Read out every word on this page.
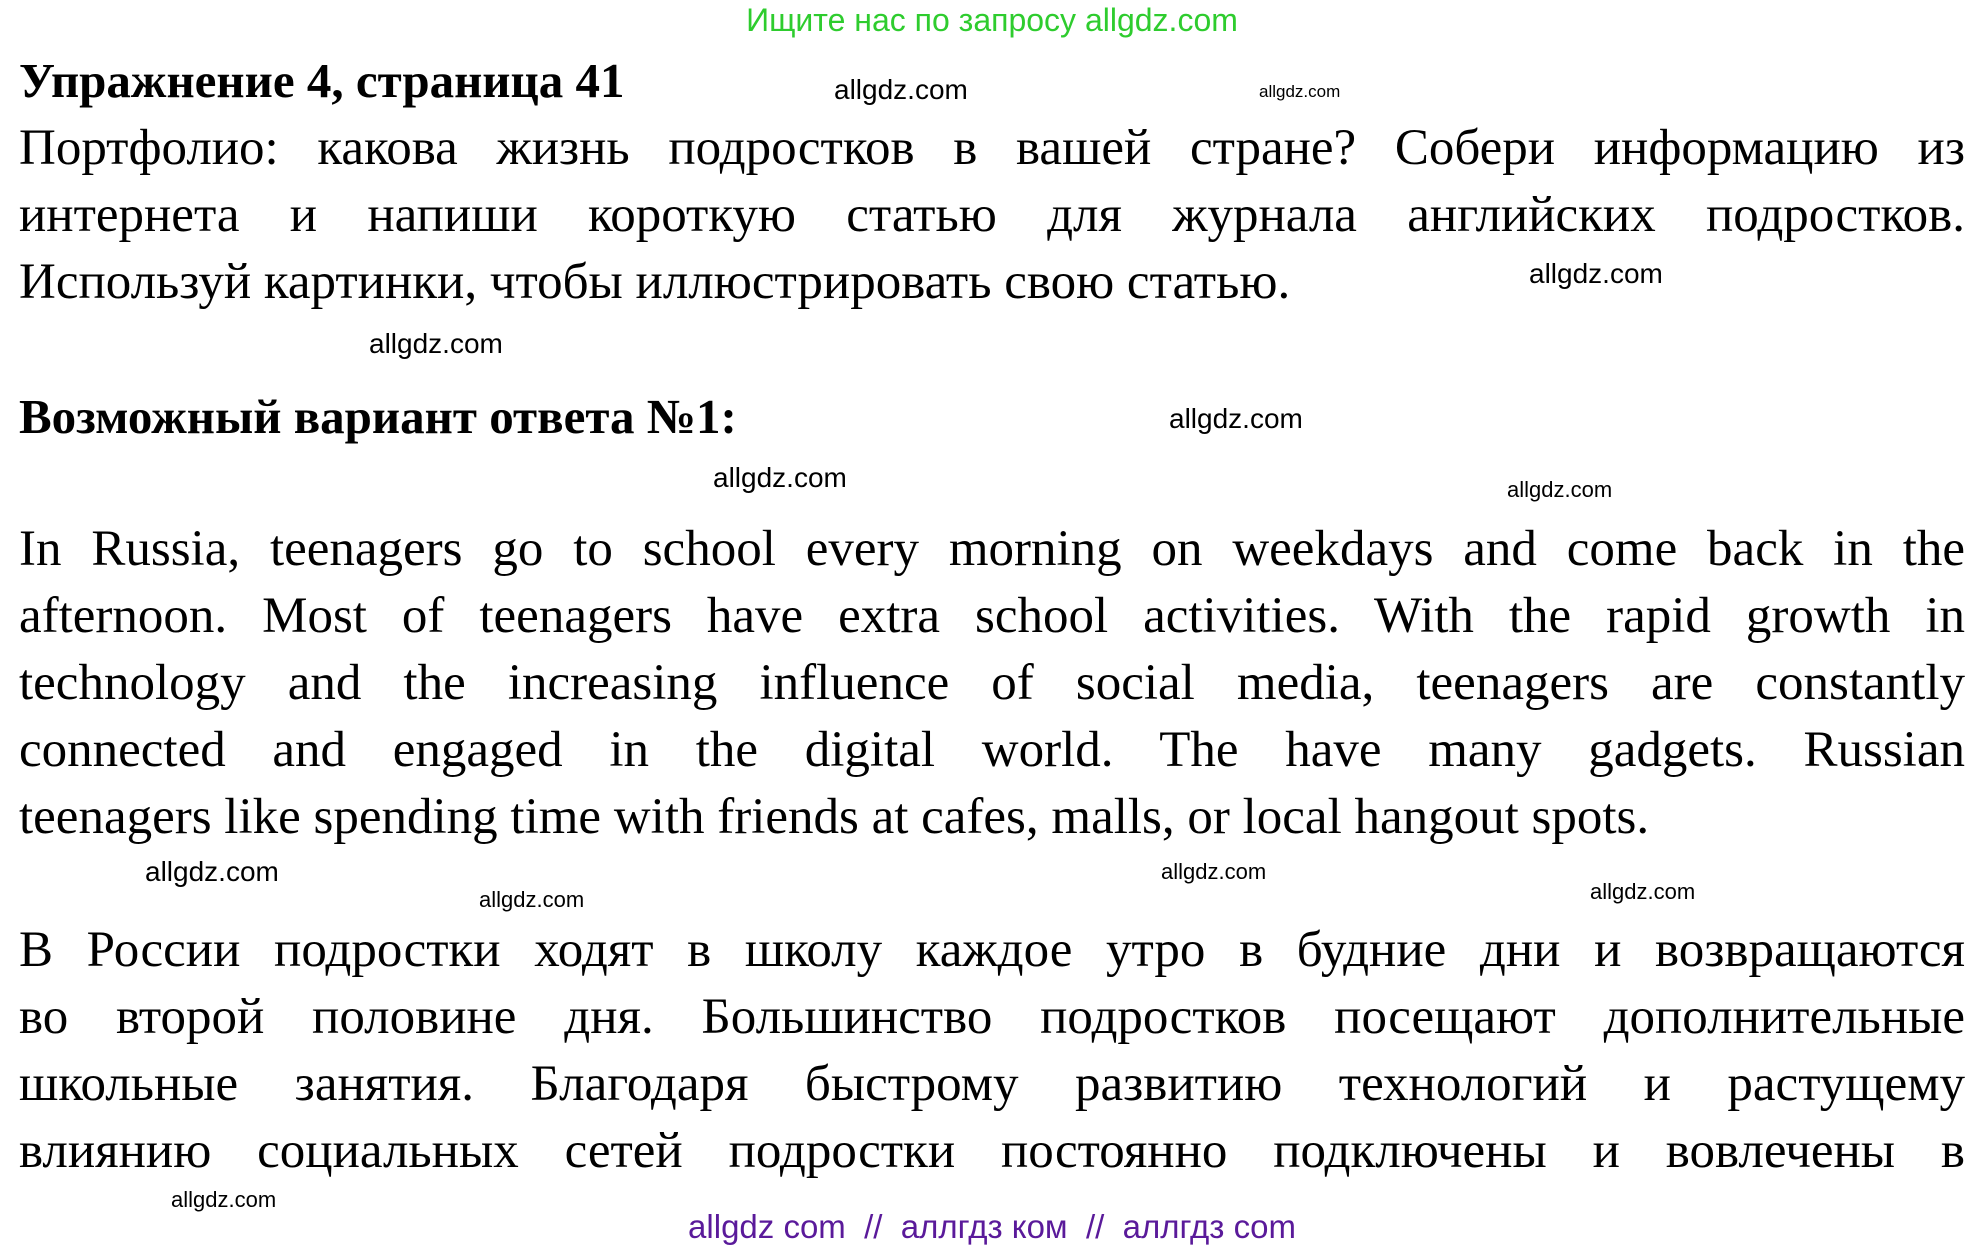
Ищите нас по запросу allgdz.com
Упражнение 4, страница 41
Портфолио: какова жизнь подростков в вашей стране? Собери информацию из
интернета и напиши короткую статью для журнала английских подростков.
Используй картинки, чтобы иллюстрировать свою статью.
Возможный вариант ответа №1:
In Russia, teenagers go to school every morning on weekdays and come back in the
afternoon. Most of teenagers have extra school activities. With the rapid growth in
technology and the increasing influence of social media, teenagers are constantly
connected and engaged in the digital world. The have many gadgets. Russian
teenagers like spending time with friends at cafes, malls, or local hangout spots.
В России подростки ходят в школу каждое утро в будние дни и возвращаются
во второй половине дня. Большинство подростков посещают дополнительные
школьные занятия. Благодаря быстрому развитию технологий и растущему
влиянию социальных сетей подростки постоянно подключены и вовлечены в
allgdz.com	allgdz.com
allgdz.com
allgdz.com
allgdz.com
allgdz.com	allgdz.com
allgdz.com
allgdz.com	allgdz.com
allgdz.com
allgdz.com
allgdz com  //  аллгдз ком  //  аллгдз com
